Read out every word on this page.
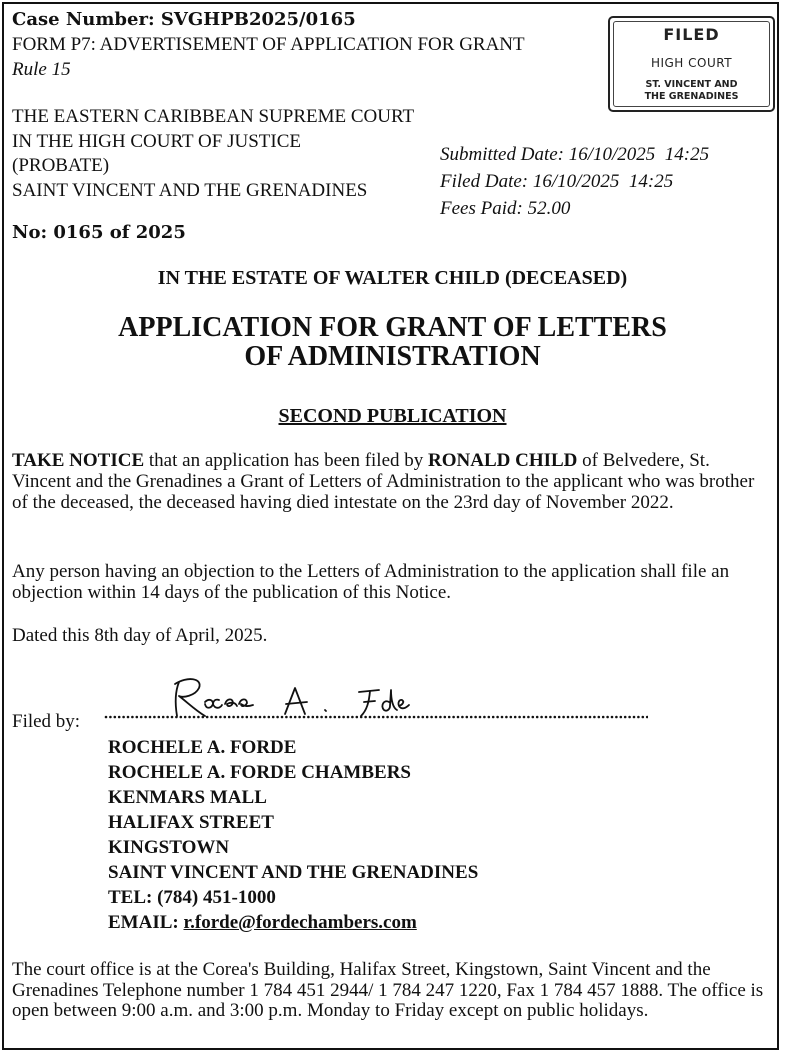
Case Number: SVGHPB2025/0165
FORM P7: ADVERTISEMENT OF APPLICATION FOR GRANT
Rule 15
FILED
HIGH COURT
ST. VINCENT AND
THE GRENADINES
THE EASTERN CARIBBEAN SUPREME COURT
IN THE HIGH COURT OF JUSTICE
(PROBATE)
SAINT VINCENT AND THE GRENADINES
Submitted Date: 16/10/2025  14:25
Filed Date: 16/10/2025  14:25
Fees Paid: 52.00
No: 0165 of 2025
IN THE ESTATE OF WALTER CHILD (DECEASED)
APPLICATION FOR GRANT OF LETTERS
OF ADMINISTRATION
SECOND PUBLICATION
TAKE NOTICE that an application has been filed by RONALD CHILD of Belvedere, St. Vincent and the Grenadines a Grant of Letters of Administration to the applicant who was brother of the deceased, the deceased having died intestate on the 23rd day of November 2022.
Any person having an objection to the Letters of Administration to the application shall file an objection within 14 days of the publication of this Notice.
Dated this 8th day of April, 2025.
Filed by:
ROCHELE A. FORDE
ROCHELE A. FORDE CHAMBERS
KENMARS MALL
HALIFAX STREET
KINGSTOWN
SAINT VINCENT AND THE GRENADINES
TEL: (784) 451-1000
EMAIL: r.forde@fordechambers.com
The court office is at the Corea's Building, Halifax Street, Kingstown, Saint Vincent and the Grenadines Telephone number 1 784 451 2944/ 1 784 247 1220, Fax 1 784 457 1888. The office is open between 9:00 a.m. and 3:00 p.m. Monday to Friday except on public holidays.
